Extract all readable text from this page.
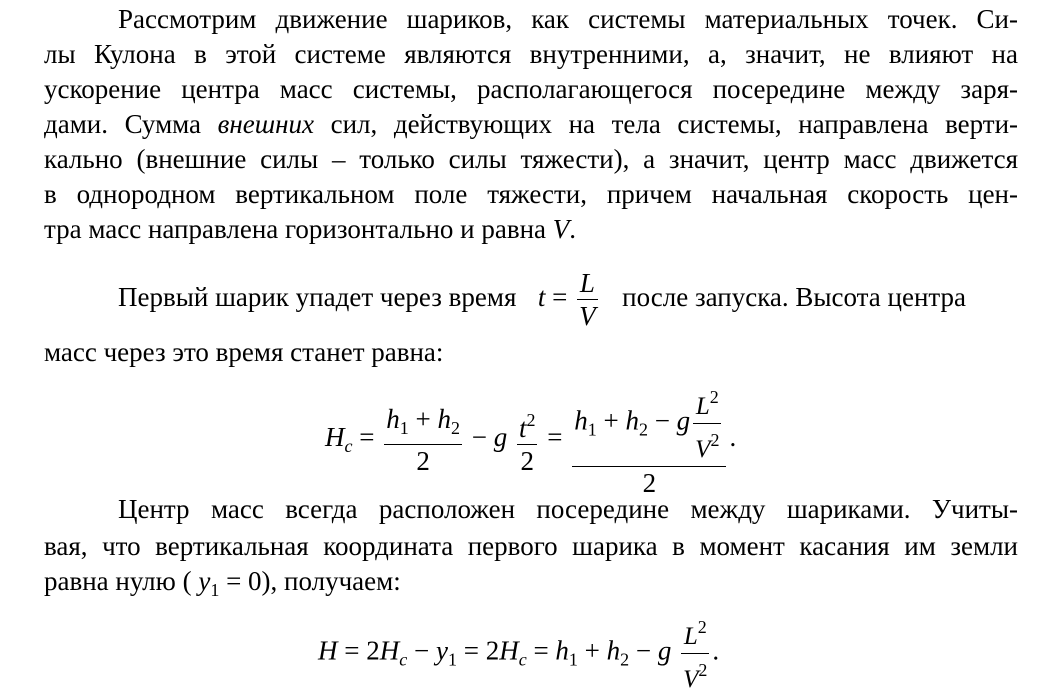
Рассмотрим движение шариков, как системы материальных точек. Си-
лы Кулона в этой системе являются внутренними, а, значит, не влияют на
ускорение центра масс системы, располагающегося посередине между заря-
дами. Сумма внешних сил, действующих на тела системы, направлена верти-
кально (внешние силы – только силы тяжести), а значит, центр масс движется
в однородном вертикальном поле тяжести, причем начальная скорость цен-
тра масс направлена горизонтально и равна V.
Первый шарик упадет через время $t = \frac{L}{V}$ после запуска. Высота центра
масс через это время станет равна:
$H_c = \frac{h_1 + h_2}{2} - g \frac{t^2}{2} = \frac{h_1 + h_2 - g \frac{L^2}{V^2}}{2}$ .
Центр масс всегда расположен посередине между шариками. Учиты-
вая, что вертикальная координата первого шарика в момент касания им земли
равна нулю ( $y_1 = 0$), получаем:
$H = 2H_c - y_1 = 2H_c = h_1 + h_2 - g \frac{L^2}{V^2}$ .
